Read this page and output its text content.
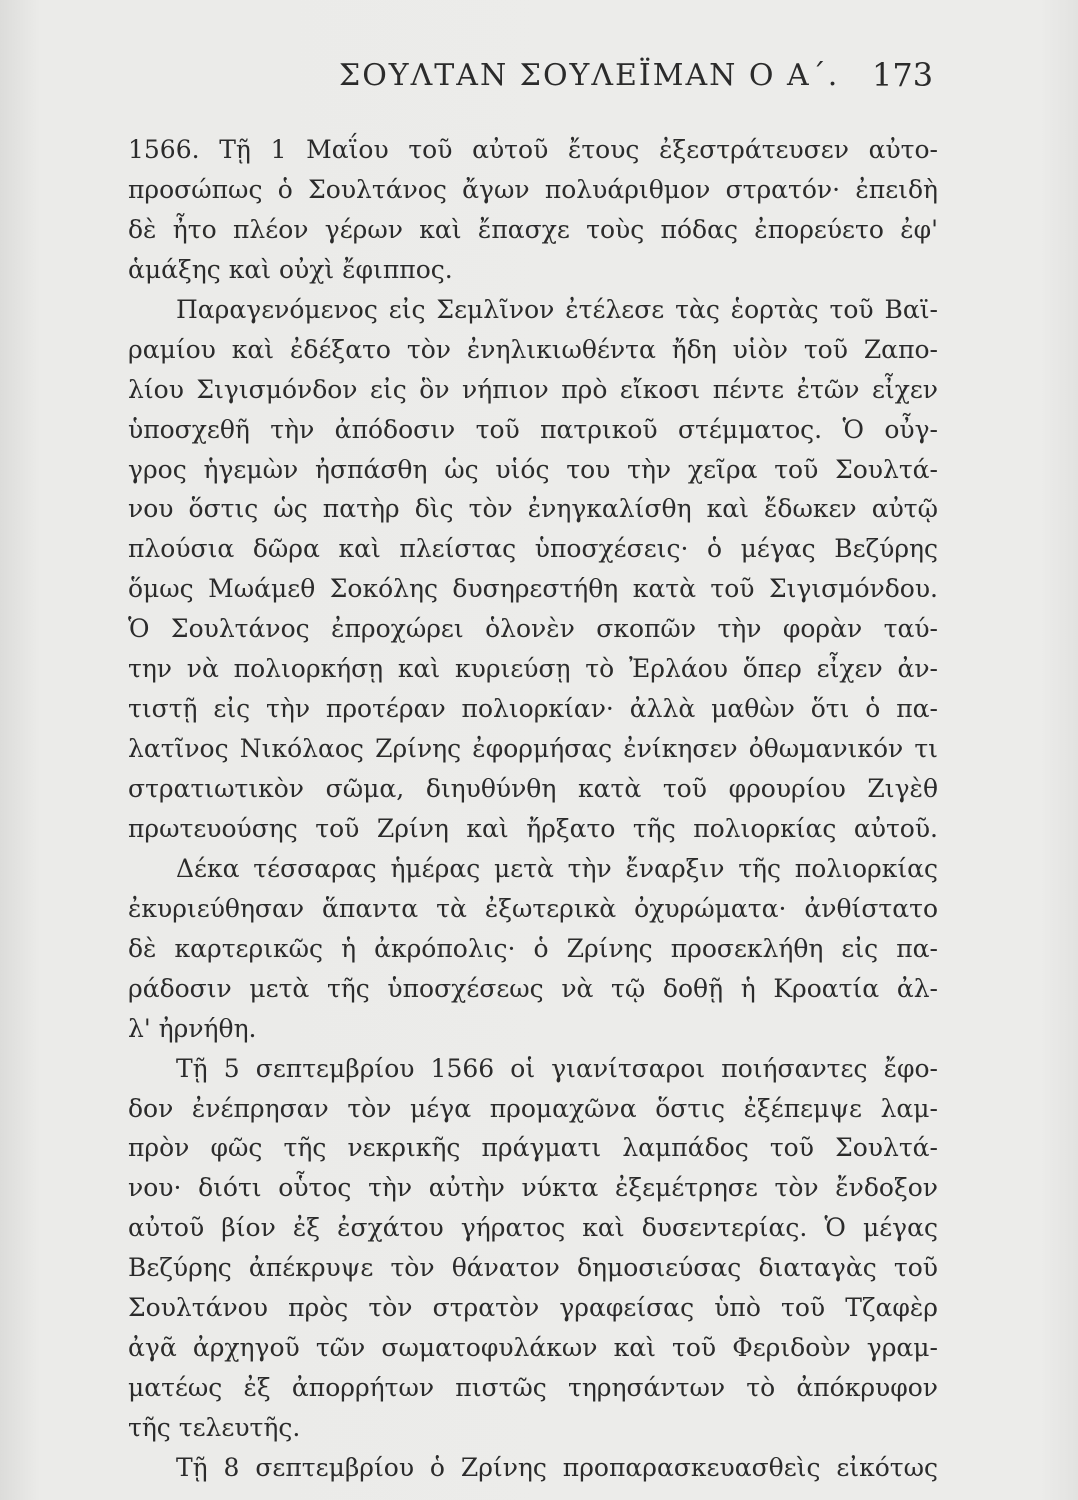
ΣΟΥΛΤΑΝ ΣΟΥΛΕΪΜΑΝ Ο Α΄. 173
1566. Τῇ 1 Μαΐου τοῦ αὐτοῦ ἔτους ἐξεστράτευσεν αὐτο-
προσώπως ὁ Σουλτάνος ἄγων πολυάριθμον στρατόν· ἐπειδὴ
δὲ ἦτο πλέον γέρων καὶ ἔπασχε τοὺς πόδας ἐπορεύετο ἐφ'
ἁμάξης καὶ οὐχὶ ἔφιππος.
Παραγενόμενος εἰς Σεμλῖνον ἐτέλεσε τὰς ἑορτὰς τοῦ Βαϊ-
ραμίου καὶ ἐδέξατο τὸν ἐνηλικιωθέντα ἤδη υἱὸν τοῦ Ζαπο-
λίου Σιγισμόνδον εἰς ὃν νήπιον πρὸ εἴκοσι πέντε ἐτῶν εἶχεν
ὑποσχεθῆ τὴν ἀπόδοσιν τοῦ πατρικοῦ στέμματος. Ὁ οὖγ-
γρος ἡγεμὼν ἠσπάσθη ὡς υἱός του τὴν χεῖρα τοῦ Σουλτά-
νου ὅστις ὡς πατὴρ δὶς τὸν ἐνηγκαλίσθη καὶ ἔδωκεν αὐτῷ
πλούσια δῶρα καὶ πλείστας ὑποσχέσεις· ὁ μέγας Βεζύρης
ὅμως Μωάμεθ Σοκόλης δυσηρεστήθη κατὰ τοῦ Σιγισμόνδου.
Ὁ Σουλτάνος ἐπροχώρει ὁλονὲν σκοπῶν τὴν φορὰν ταύ-
την νὰ πολιορκήσῃ καὶ κυριεύσῃ τὸ Ἐρλάου ὅπερ εἶχεν ἀν-
τιστῇ εἰς τὴν προτέραν πολιορκίαν· ἀλλὰ μαθὼν ὅτι ὁ πα-
λατῖνος Νικόλαος Ζρίνης ἐφορμήσας ἐνίκησεν ὀθωμανικόν τι
στρατιωτικὸν σῶμα, διηυθύνθη κατὰ τοῦ φρουρίου Ζιγὲθ
πρωτευούσης τοῦ Ζρίνη καὶ ἤρξατο τῆς πολιορκίας αὐτοῦ.
Δέκα τέσσαρας ἡμέρας μετὰ τὴν ἔναρξιν τῆς πολιορκίας
ἐκυριεύθησαν ἅπαντα τὰ ἐξωτερικὰ ὀχυρώματα· ἀνθίστατο
δὲ καρτερικῶς ἡ ἀκρόπολις· ὁ Ζρίνης προσεκλήθη εἰς πα-
ράδοσιν μετὰ τῆς ὑποσχέσεως νὰ τῷ δοθῇ ἡ Κροατία ἀλ-
λ' ἠρνήθη.
Τῇ 5 σεπτεμβρίου 1566 οἱ γιανίτσαροι ποιήσαντες ἔφο-
δον ἐνέπρησαν τὸν μέγα προμαχῶνα ὅστις ἐξέπεμψε λαμ-
πρὸν φῶς τῆς νεκρικῆς πράγματι λαμπάδος τοῦ Σουλτά-
νου· διότι οὗτος τὴν αὐτὴν νύκτα ἐξεμέτρησε τὸν ἔνδοξον
αὐτοῦ βίον ἐξ ἐσχάτου γήρατος καὶ δυσεντερίας. Ὁ μέγας
Βεζύρης ἀπέκρυψε τὸν θάνατον δημοσιεύσας διαταγὰς τοῦ
Σουλτάνου πρὸς τὸν στρατὸν γραφείσας ὑπὸ τοῦ Τζαφὲρ
ἀγᾶ ἀρχηγοῦ τῶν σωματοφυλάκων καὶ τοῦ Φεριδοὺν γραμ-
ματέως ἐξ ἀπορρήτων πιστῶς τηρησάντων τὸ ἀπόκρυφον
τῆς τελευτῆς.
Τῇ 8 σεπτεμβρίου ὁ Ζρίνης προπαρασκευασθεὶς εἰκότως
